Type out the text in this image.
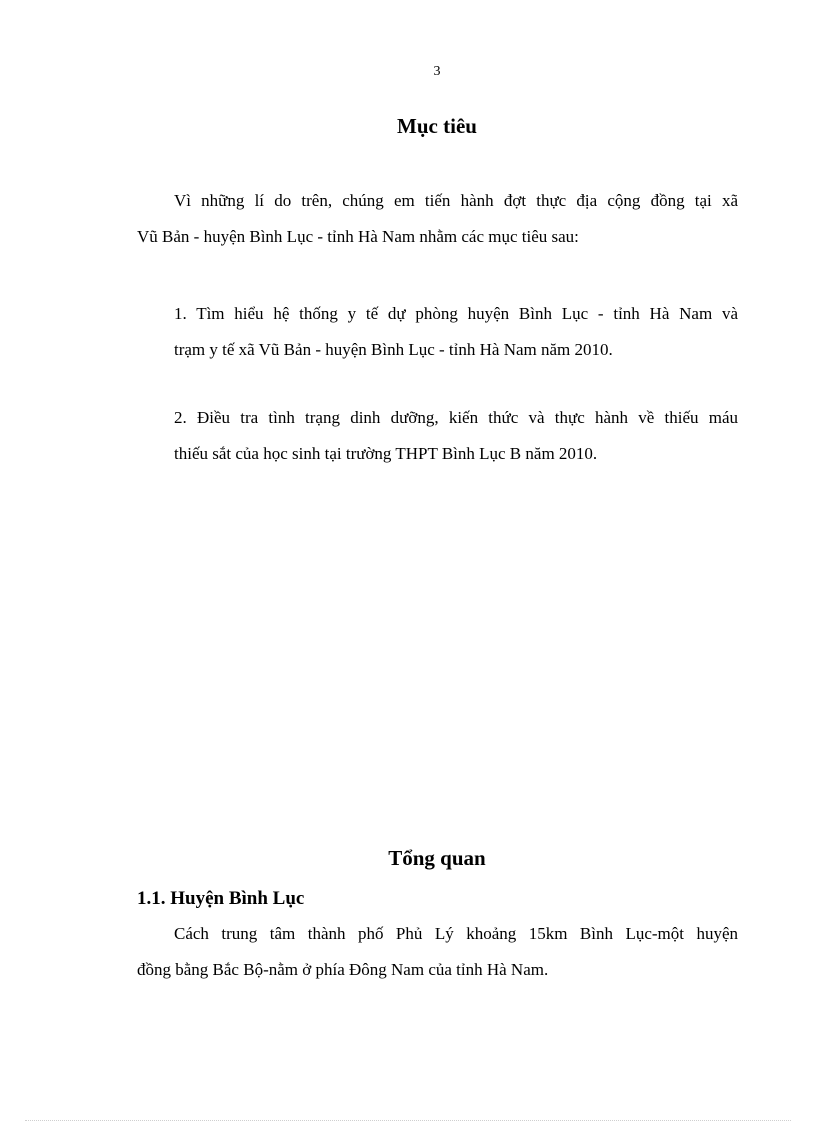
3
Mục tiêu
Vì những lí do trên, chúng em tiến hành đợt thực địa cộng đồng tại xã
Vũ Bản - huyện Bình Lục - tỉnh Hà Nam nhằm các mục tiêu sau:
1. Tìm hiểu hệ thống y tế dự phòng huyện Bình Lục - tỉnh Hà Nam và
trạm y tế xã Vũ Bản - huyện Bình Lục - tỉnh Hà Nam năm 2010.
2. Điều tra tình trạng dinh dưỡng, kiến thức và thực hành về thiếu máu
thiếu sắt của học sinh tại trường THPT Bình Lục B năm 2010.
Tổng quan
1.1. Huyện Bình Lục
Cách trung tâm thành phố Phủ Lý khoảng 15km Bình Lục-một huyện
đồng bằng Bắc Bộ-nằm ở phía Đông Nam của tỉnh Hà Nam.
